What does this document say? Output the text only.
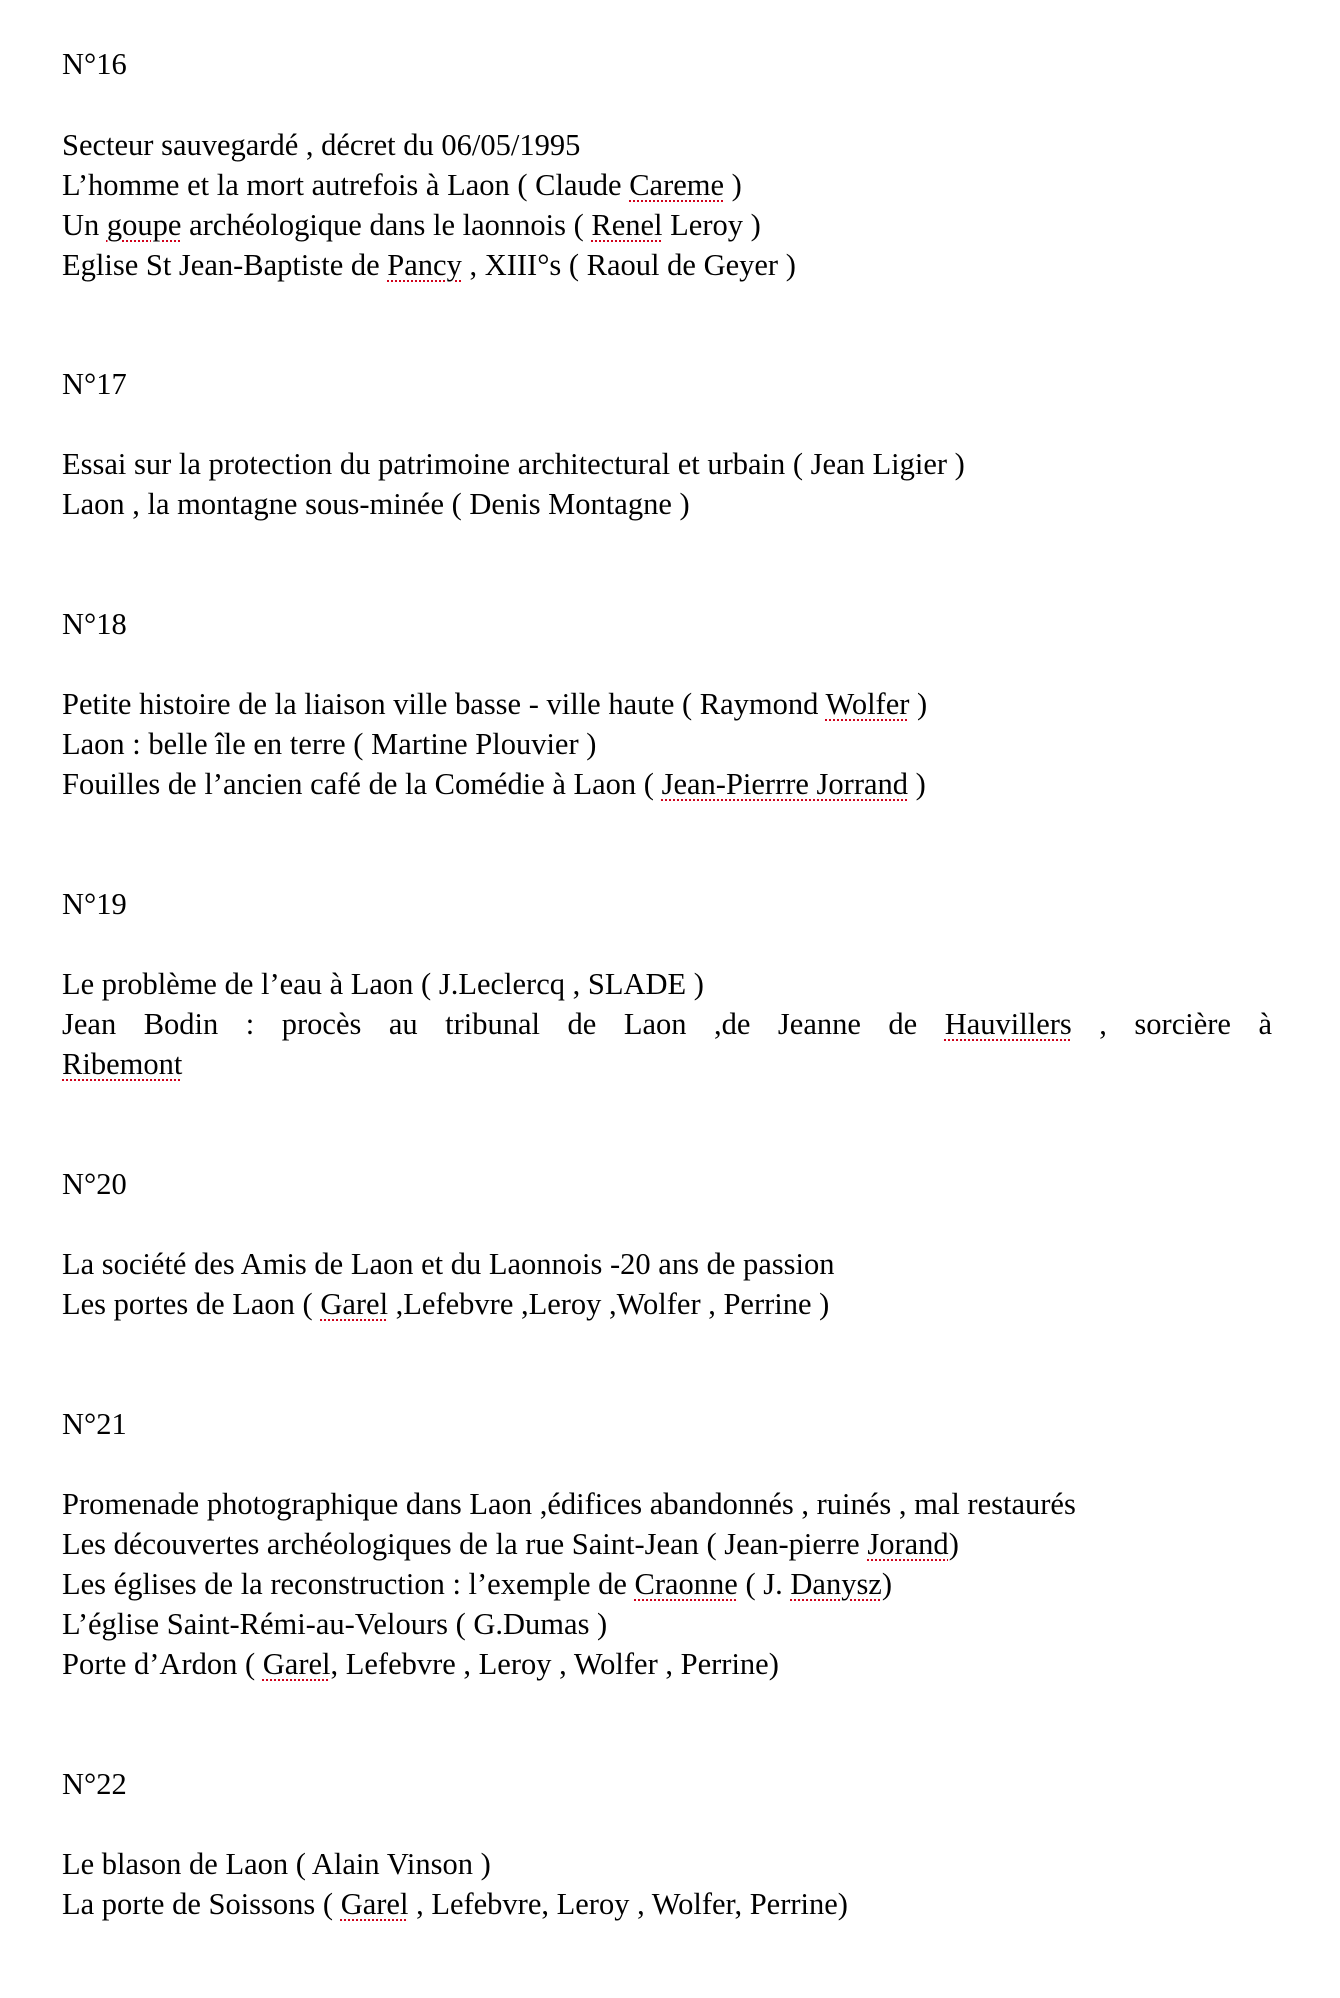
N°16
Secteur sauvegardé , décret du 06/05/1995
L’homme et la mort autrefois à Laon ( Claude Careme )
Un goupe archéologique dans le laonnois ( Renel Leroy )
Eglise St Jean-Baptiste de Pancy , XIII°s ( Raoul de Geyer )
N°17
Essai sur la protection du patrimoine architectural et urbain ( Jean Ligier )
Laon , la montagne sous-minée ( Denis Montagne )
N°18
Petite histoire de la liaison ville basse - ville haute ( Raymond Wolfer )
Laon : belle île en terre ( Martine Plouvier )
Fouilles de l’ancien café de la Comédie à Laon ( Jean-Pierrre Jorrand )
N°19
Le problème de l’eau à Laon ( J.Leclercq , SLADE )
Jean Bodin : procès au tribunal de Laon ,de Jeanne de Hauvillers , sorcière à
Ribemont
N°20
La société des Amis de Laon et du Laonnois -20 ans de passion
Les portes de Laon ( Garel ,Lefebvre ,Leroy ,Wolfer , Perrine )
N°21
Promenade photographique dans Laon ,édifices abandonnés , ruinés , mal restaurés
Les découvertes archéologiques de la rue Saint-Jean ( Jean-pierre Jorand)
Les églises de la reconstruction : l’exemple de Craonne ( J. Danysz)
L’église Saint-Rémi-au-Velours ( G.Dumas )
Porte d’Ardon ( Garel, Lefebvre , Leroy , Wolfer , Perrine)
N°22
Le blason de Laon ( Alain Vinson )
La porte de Soissons ( Garel , Lefebvre, Leroy , Wolfer, Perrine)
